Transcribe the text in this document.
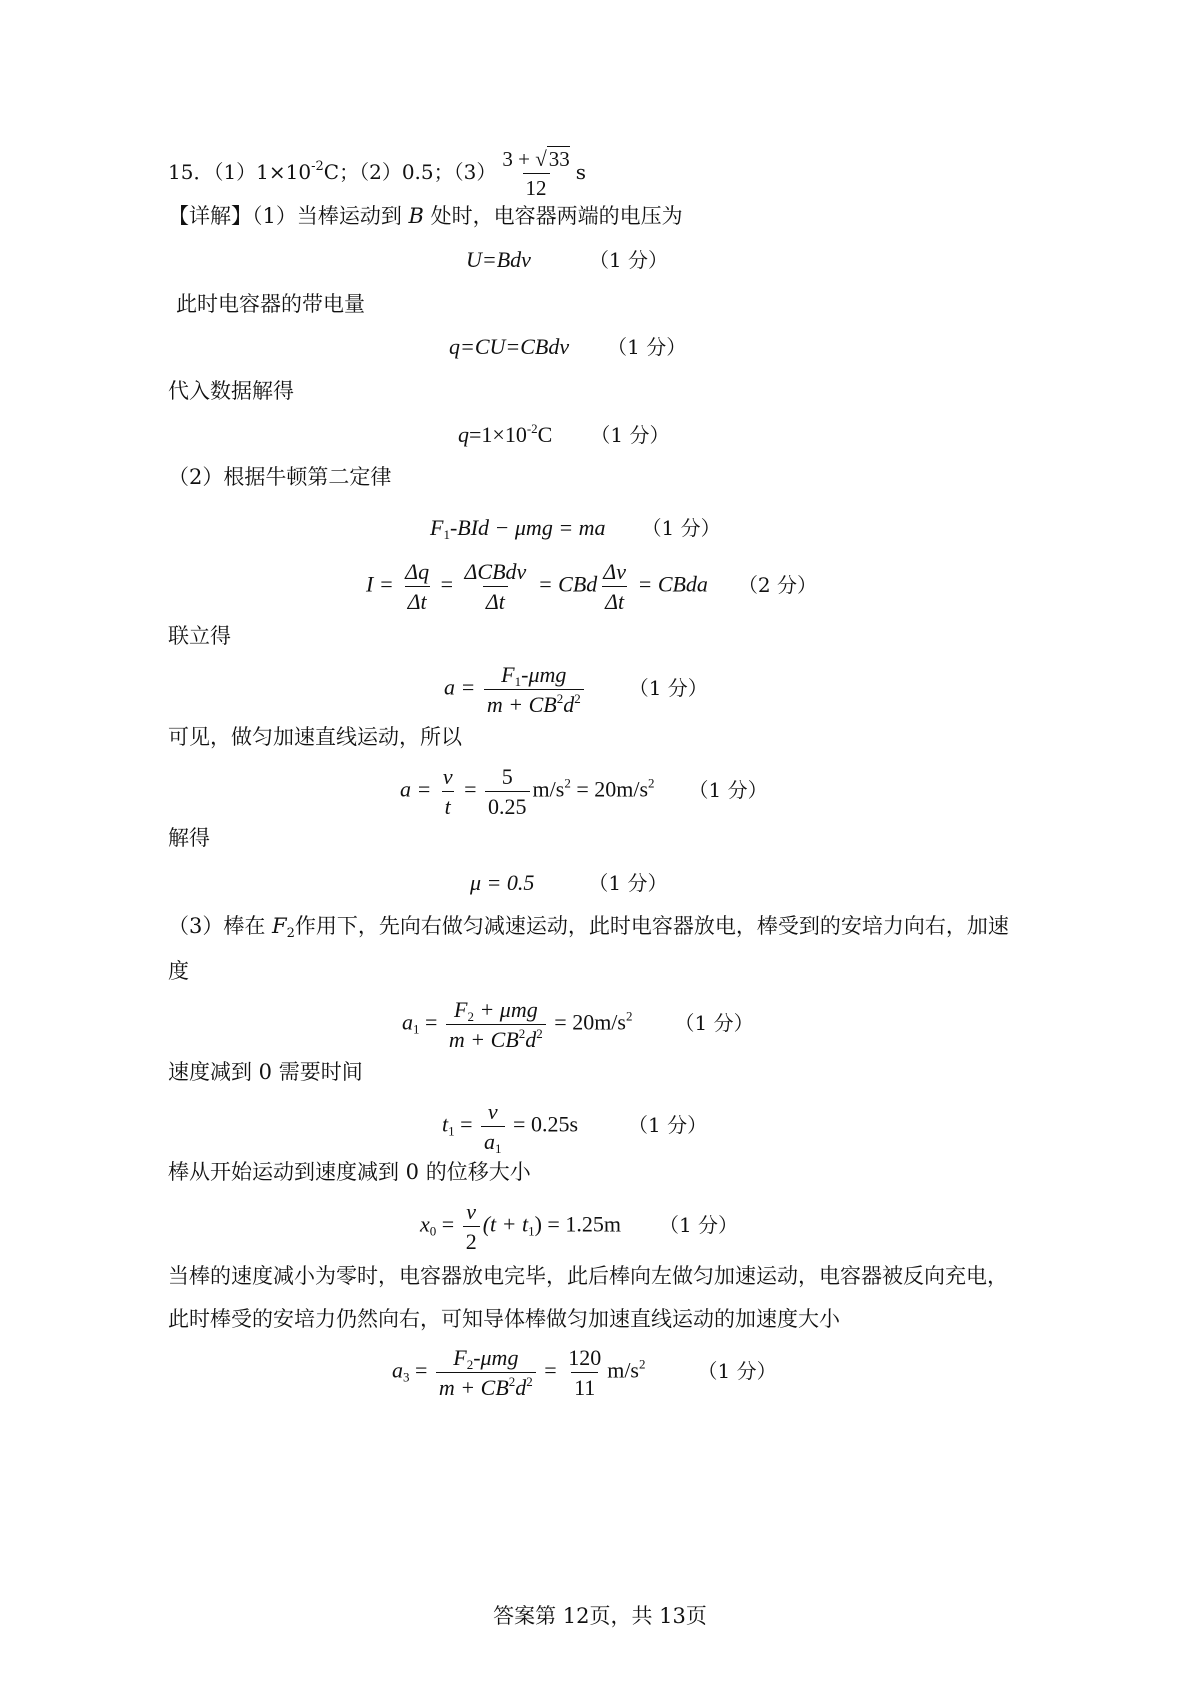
15．$(1)1\times 10^{-2}C$；（2）0.5；$(3) \frac{3 + √33}{12}$ s
【详解】（1）当棒运动到 B 处时，电容器两端的电压为
U=Bdv	（1 分）
此时电容器的带电量
q=CU=CBdv （1 分）
代入数据解得
$q=1\times 10^{-2}C$ （1 分）
（2）根据牛顿第二定律
$F_1$-BId − μmg = ma （1 分）
$I = \frac{\Delta q}{\Delta t} = \frac{\text{ΔCBdv}}{\Delta t}$ = CBd $\frac{\Delta v}{\Delta t}$ = CBda （2 分）
联立得
$a = \frac{F_1-\mu mg}{m + CB^2d^2} (1$ 分）
可见，做匀加速直线运动，所以
$a = \frac{v}{t} = \frac{5}{0.25} m/s^2 = 20m/s^2$ （1 分）
解得
μ = 0.5	（1 分）
（3）棒在 $F_2$作用下，先向右做匀减速运动，此时电容器放电，棒受到的安培力向右，加速
度
$a_1 = \frac{F_2 + \mu mg}{m + CB^2d^2} = 20m/s^2$ （1 分）
速度减到 0 需要时间
$t_1 = \frac{v}{a_1} = 0.25s$	（1 分）
棒从开始运动到速度减到 0 的位移大小
$x_0 = \frac{v}{2} (t + t_1) = 1.25m$ （1 分）
当棒的速度减小为零时，电容器放电完毕，此后棒向左做匀加速运动，电容器被反向充电，
此时棒受的安培力仍然向右，可知导体棒做匀加速直线运动的加速度大小
$a_3 = \frac{F_2-\mu mg}{m + CB^2d^2} = \frac{120}{11} m/s^2$	（1 分）
答案第 12页，共 13页
